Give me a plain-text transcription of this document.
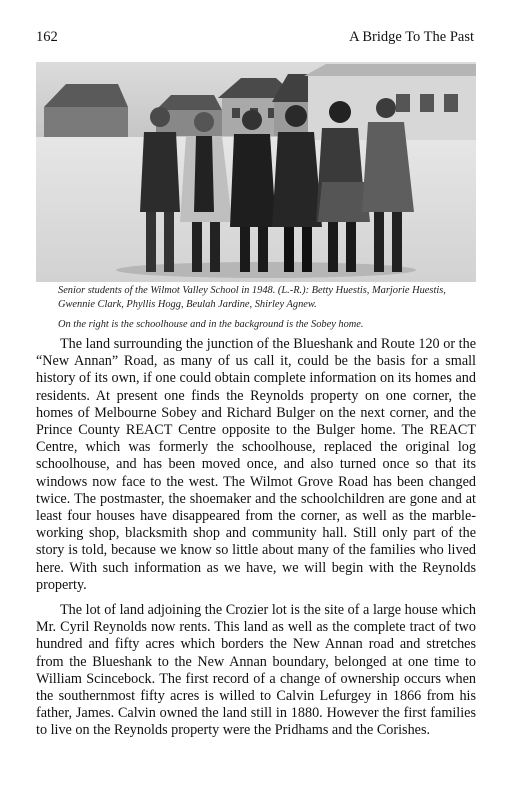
162	A Bridge To The Past
Senior students of the Wilmot Valley School in 1948. (L.-R.): Betty Huestis, Marjorie Huestis, Gwennie Clark, Phyllis Hogg, Beulah Jardine, Shirley Agnew.
On the right is the schoolhouse and in the background is the Sobey home.

The land surrounding the junction of the Blueshank and Route 120 or the “New Annan” Road, as many of us call it, could be the basis for a small history of its own, if one could obtain complete information on its homes and residents. At present one finds the Reynolds property on one corner, the homes of Melbourne Sobey and Richard Bulger on the next corner, and the Prince County REACT Centre opposite to the Bulger home. The REACT Centre, which was formerly the schoolhouse, replaced the original log schoolhouse, and has been moved once, and also turned once so that its windows now face to the west. The Wilmot Grove Road has been changed twice. The postmaster, the shoemaker and the schoolchildren are gone and at least four houses have disappeared from the corner, as well as the marble-working shop, blacksmith shop and community hall. Still only part of the story is told, because we know so little about many of the families who lived here. With such information as we have, we will begin with the Reynolds property.

The lot of land adjoining the Crozier lot is the site of a large house which Mr. Cyril Reynolds now rents. This land as well as the complete tract of two hundred and fifty acres which borders the New Annan road and stretches from the Blueshank to the New Annan boundary, belonged at one time to William Scincebock. The first record of a change of ownership occurs when the southernmost fifty acres is willed to Calvin Lefurgey in 1866 from his father, James. Calvin owned the land still in 1880. However the first families to live on the Reynolds property were the Pridhams and the Corishes.
